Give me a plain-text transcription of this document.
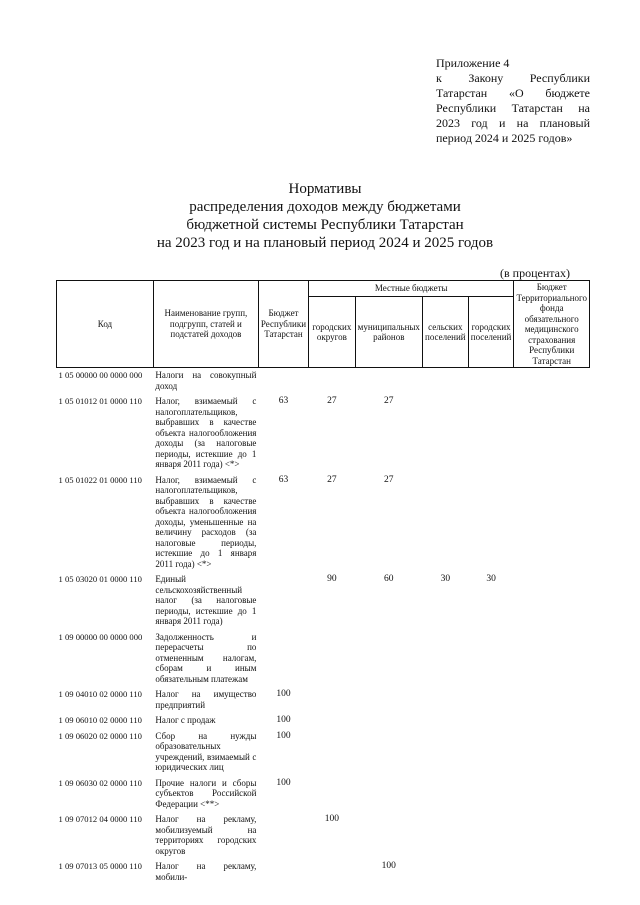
Приложение 4
к Закону Республики
Татарстан «О бюджете
Республики Татарстан на
2023 год и на плановый
период 2024 и 2025 годов»
Нормативы
распределения доходов между бюджетами
бюджетной системы Республики Татарстан
на 2023 год и на плановый период 2024 и 2025 годов
(в процентах)
Код	Наименование групп, подгрупп, статей и подстатей доходов	Бюджет Республики Татарстан	Местные бюджеты				Бюджет Территориального фонда обязательного медицинского страхования Республики Татарстан
			городских округов	муниципальных районов	сельских поселений	городских поселений	
1 05 00000 00 0000 000	Налоги на совокупный доход						
1 05 01012 01 0000 110	Налог, взимаемый с налогоплательщиков, выбравших в качестве объекта налогообложения доходы (за налоговые периоды, истекшие до 1 января 2011 года) <*>	63	27	27			
1 05 01022 01 0000 110	Налог, взимаемый с налогоплательщиков, выбравших в качестве объекта налогообложения доходы, уменьшенные на величину расходов (за налоговые периоды, истекшие до 1 января 2011 года) <*>	63	27	27			
1 05 03020 01 0000 110	Единый сельскохозяйственный налог (за налоговые периоды, истекшие до 1 января 2011 года)		90	60	30	30	
1 09 00000 00 0000 000	Задолженность и перерасчеты по отмененным налогам, сборам и иным обязательным платежам						
1 09 04010 02 0000 110	Налог на имущество предприятий	100					
1 09 06010 02 0000 110	Налог с продаж	100					
1 09 06020 02 0000 110	Сбор на нужды образовательных учреждений, взимаемый с юридических лиц	100					
1 09 06030 02 0000 110	Прочие налоги и сборы субъектов Российской Федерации <**>	100					
1 09 07012 04 0000 110	Налог на рекламу, мобилизуемый на территориях городских округов		100				
1 09 07013 05 0000 110	Налог на рекламу, мобили-			100			
